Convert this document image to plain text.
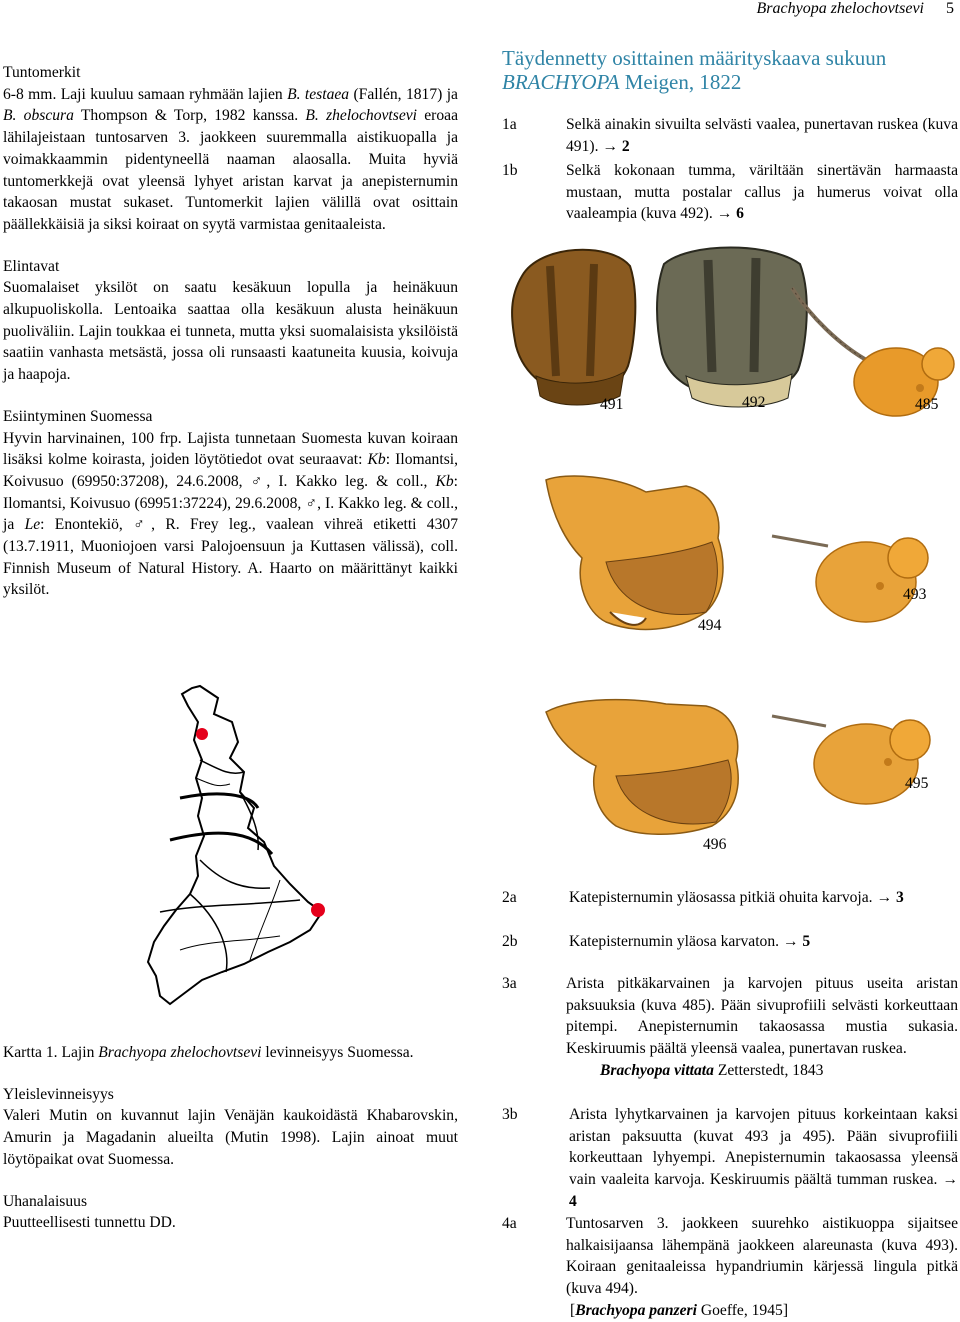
Brachyopa zhelochovtsevi 5

Tuntomerkit

6-8 mm. Laji kuuluu samaan ryhmään lajien B. testaea (Fallén, 1817) ja B. obscura Thompson & Torp, 1982 kanssa. B. zhelochovtsevi eroaa lähilajeistaan tuntosarven 3. jaokkeen suuremmalla aistikuopalla ja voimakkaammin pidentyneellä naaman alaosalla. Muita hyviä tuntomerkkejä ovat yleensä lyhyet aristan karvat ja anepisternumin takaosan mustat sukaset. Tuntomerkit lajien välillä ovat osittain päällekkäisiä ja siksi koiraat on syytä varmistaa genitaaleista.

Elintavat

Suomalaiset yksilöt on saatu kesäkuun lopulla ja heinäkuun alkupuoliskolla. Lentoaika saattaa olla kesäkuun alusta heinäkuun puoliväliin. Lajin toukkaa ei tunneta, mutta yksi suomalaisista yksilöistä saatiin vanhasta metsästä, jossa oli runsaasti kaatuneita kuusia, koivuja ja haapoja.

Esiintyminen Suomessa

Hyvin harvinainen, 100 frp. Lajista tunnetaan Suomesta kuvan koiraan lisäksi kolme koirasta, joiden löytötiedot ovat seuraavat: Kb: Ilomantsi, Koivusuo (69950:37208), 24.6.2008, ♂, I. Kakko leg. & coll., Kb: Ilomantsi, Koivusuo (69951:37224), 29.6.2008, ♂, I. Kakko leg. & coll., ja Le: Enontekiö, ♂, R. Frey leg., vaalean vihreä etiketti 4307 (13.7.1911, Muoniojoen varsi Palojoensuun ja Kuttasen välissä), coll. Finnish Museum of Natural History. A. Haarto on määrittänyt kaikki yksilöt.

Kartta 1. Lajin Brachyopa zhelochovtsevi levinneisyys Suomessa.

Yleislevinneisyys

Valeri Mutin on kuvannut lajin Venäjän kaukoidästä Khabarovskin, Amurin ja Magadanin alueilta (Mutin 1998). Lajin ainoat muut löytöpaikat ovat Suomessa.

Uhanalaisuus

Puutteellisesti tunnettu DD.

Täydennetty osittainen määrityskaava sukuun
BRACHYOPA Meigen, 1822
1a	Selkä ainakin sivuilta selvästi vaalea, punertavan ruskea (kuva 491). → 2
1b	Selkä kokonaan tumma, väriltään sinertävän harmaasta mustaan, mutta postalar callus ja humerus voivat olla vaaleampia (kuva 492). → 6
491	492	485
494
493
495
496
2a	Katepisternumin yläosassa pitkiä ohuita karvoja. → 3
2b	Katepisternumin yläosa karvaton. → 5
3a	Arista pitkäkarvainen ja karvojen pituus useita aristan paksuuksia (kuva 485). Pään sivuprofiili selvästi korkeuttaan pitempi. Anepisternumin takaosassa mustia sukasia. Keskiruumis päältä yleensä vaalea, punertavan ruskea.
Brachyopa vittata Zetterstedt, 1843
3b	Arista lyhytkarvainen ja karvojen pituus korkeintaan kaksi aristan paksuutta (kuvat 493 ja 495). Pään sivuprofiili korkeuttaan lyhyempi. Anepisternumin takaosassa yleensä vain vaaleita karvoja. Keskiruumis päältä tumman ruskea. → 4
4a	Tuntosarven 3. jaokkeen suurehko aistikuoppa sijaitsee halkaisijaansa lähempänä jaokkeen alareunasta (kuva 493). Koiraan genitaaleissa hypandriumin kärjessä lingula pitkä (kuva 494).
[Brachyopa panzeri Goeffe, 1945]
